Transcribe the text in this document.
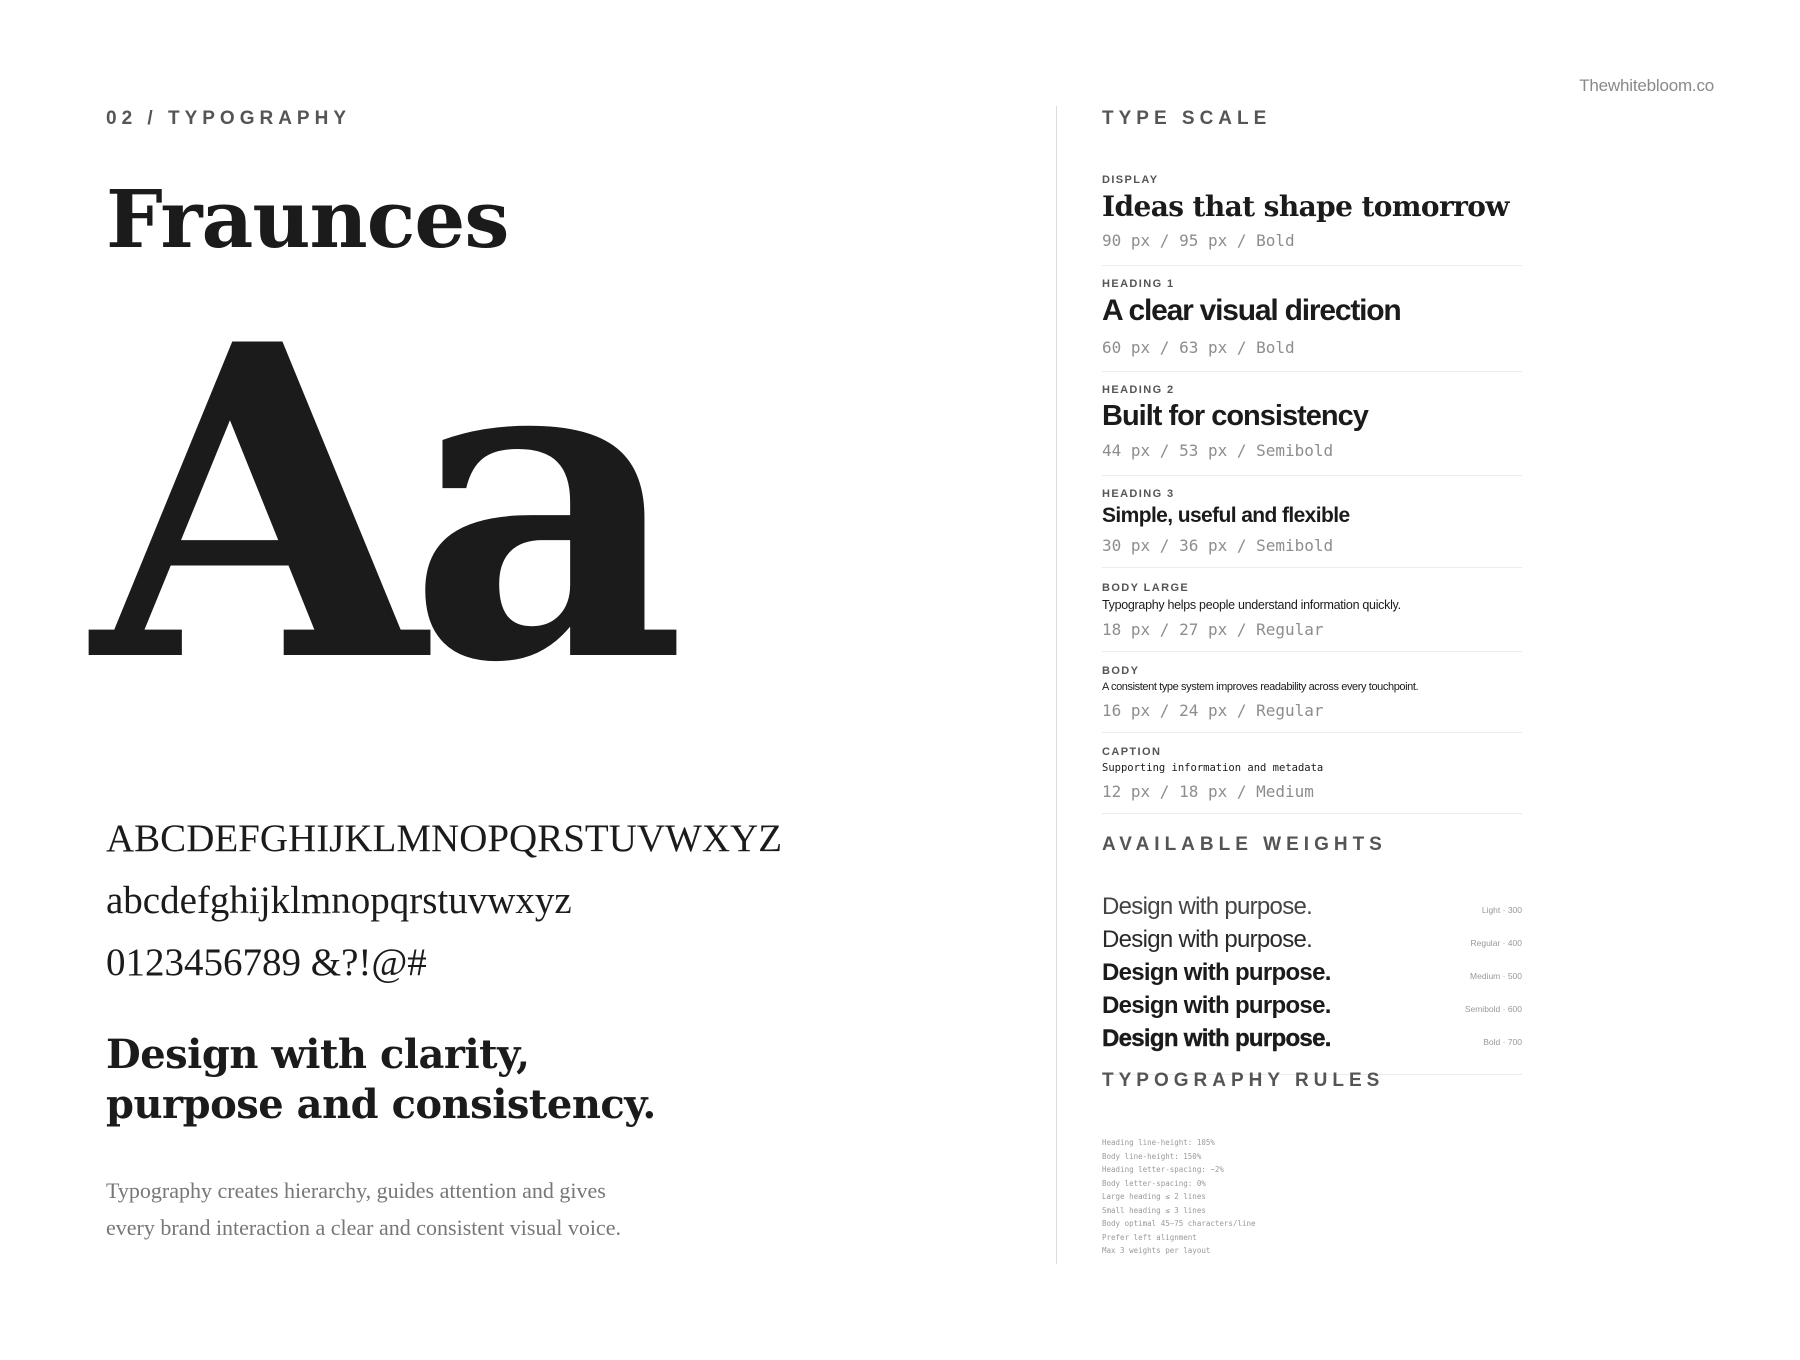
Thewhitebloom.co
02 / TYPOGRAPHY
Fraunces
Aa
ABCDEFGHIJKLMNOPQRSTUVWXYZ
abcdefghijklmnopqrstuvwxyz
0123456789 &?!@#
Design with clarity,
purpose and consistency.
Typography creates hierarchy, guides attention and gives every brand interaction a clear and consistent visual voice.
TYPE SCALE
DISPLAY
Ideas that shape tomorrow
90 px / 95 px / Bold
HEADING 1
A clear visual direction
60 px / 63 px / Bold
HEADING 2
Built for consistency
44 px / 53 px / Semibold
HEADING 3
Simple, useful and flexible
30 px / 36 px / Semibold
BODY LARGE
Typography helps people understand information quickly.
18 px / 27 px / Regular
BODY
A consistent type system improves readability across every touchpoint.
16 px / 24 px / Regular
CAPTION
Supporting information and metadata
12 px / 18 px / Medium
AVAILABLE WEIGHTS
Design with purpose.	Light · 300
Design with purpose.	Regular · 400
Design with purpose.	Medium · 500
Design with purpose.	Semibold · 600
Design with purpose.	Bold · 700
TYPOGRAPHY RULES
Heading line-height: 105%
Body line-height: 150%
Heading letter-spacing: −2%
Body letter-spacing: 0%
Large heading ≤ 2 lines
Small heading ≤ 3 lines
Body optimal 45–75 characters/line
Prefer left alignment
Max 3 weights per layout
